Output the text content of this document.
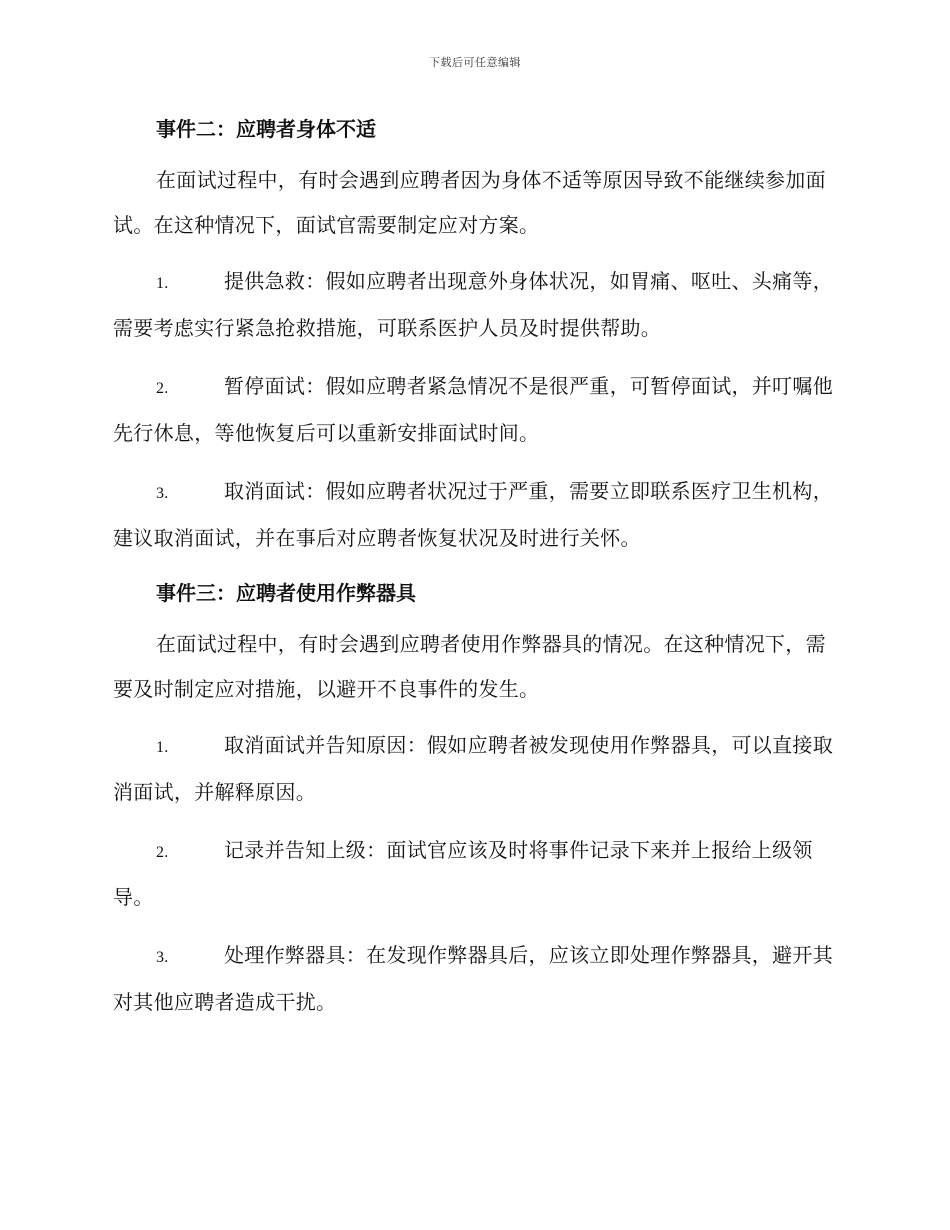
下载后可任意编辑
事件二：应聘者身体不适

在面试过程中，有时会遇到应聘者因为身体不适等原因导致不能继续参加面试。在这种情况下，面试官需要制定应对方案。

1.	提供急救：假如应聘者出现意外身体状况，如胃痛、呕吐、头痛等，需要考虑实行紧急抢救措施，可联系医护人员及时提供帮助。
2.	暂停面试：假如应聘者紧急情况不是很严重，可暂停面试，并叮嘱他先行休息，等他恢复后可以重新安排面试时间。
3.	取消面试：假如应聘者状况过于严重，需要立即联系医疗卫生机构，建议取消面试，并在事后对应聘者恢复状况及时进行关怀。
事件三：应聘者使用作弊器具

在面试过程中，有时会遇到应聘者使用作弊器具的情况。在这种情况下，需要及时制定应对措施，以避开不良事件的发生。

1.	取消面试并告知原因：假如应聘者被发现使用作弊器具，可以直接取消面试，并解释原因。
2.	记录并告知上级：面试官应该及时将事件记录下来并上报给上级领导。
3.	处理作弊器具：在发现作弊器具后，应该立即处理作弊器具，避开其对其他应聘者造成干扰。
